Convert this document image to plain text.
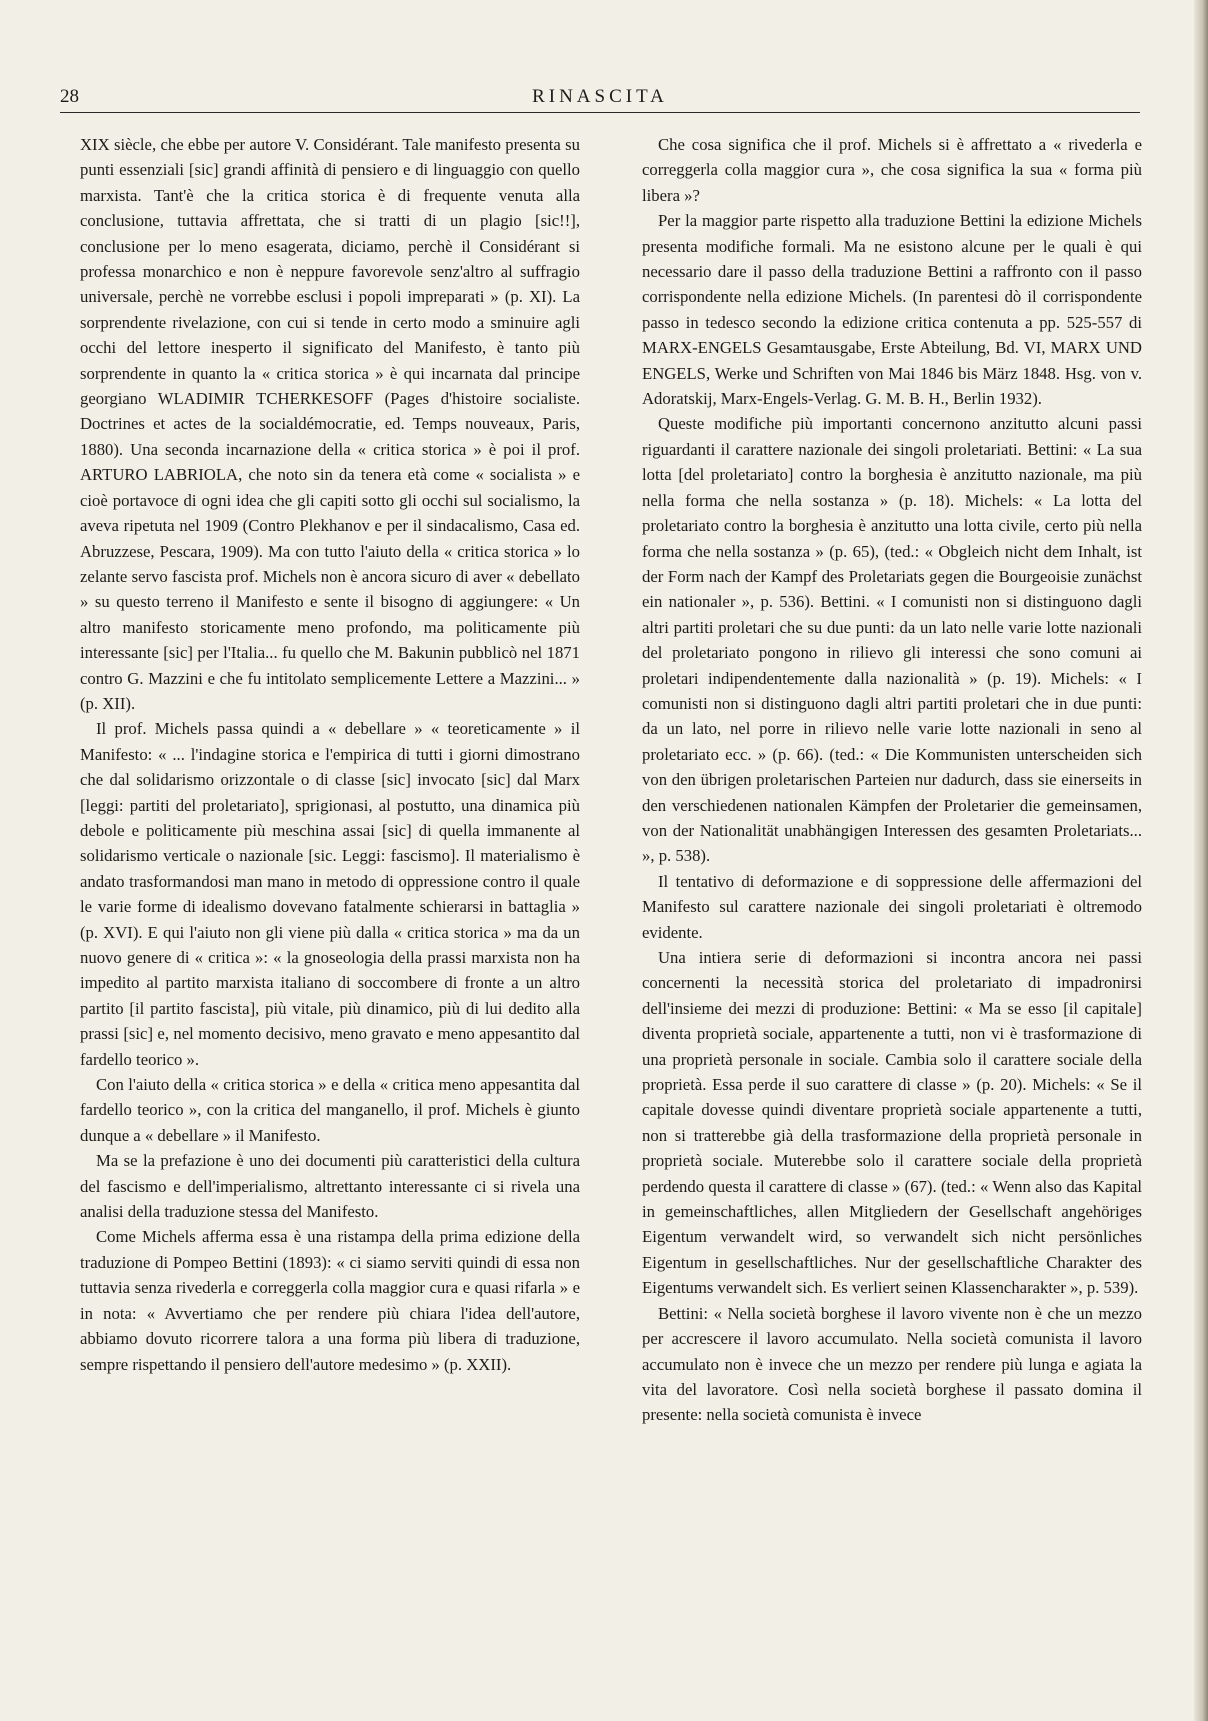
28	RINASCITA

XIX siècle, che ebbe per autore V. Considérant. Tale manifesto presenta su punti essenziali [sic] grandi affinità di pensiero e di linguaggio con quello marxista. Tant'è che la critica storica è di frequente venuta alla conclusione, tuttavia affrettata, che si tratti di un plagio [sic!!], conclusione per lo meno esagerata, diciamo, perchè il Considérant si professa monarchico e non è neppure favorevole senz'altro al suffragio universale, perchè ne vorrebbe esclusi i popoli impreparati » (p. XI). La sorprendente rivelazione, con cui si tende in certo modo a sminuire agli occhi del lettore inesperto il significato del Manifesto, è tanto più sorprendente in quanto la « critica storica » è qui incarnata dal principe georgiano WLADIMIR TCHERKESOFF (Pages d'histoire socialiste. Doctrines et actes de la socialdémocratie, ed. Temps nouveaux, Paris, 1880). Una seconda incarnazione della « critica storica » è poi il prof. ARTURO LABRIOLA, che noto sin da tenera età come « socialista » e cioè portavoce di ogni idea che gli capiti sotto gli occhi sul socialismo, la aveva ripetuta nel 1909 (Contro Plekhanov e per il sindacalismo, Casa ed. Abruzzese, Pescara, 1909). Ma con tutto l'aiuto della « critica storica » lo zelante servo fascista prof. Michels non è ancora sicuro di aver « debellato » su questo terreno il Manifesto e sente il bisogno di aggiungere: « Un altro manifesto storicamente meno profondo, ma politicamente più interessante [sic] per l'Italia... fu quello che M. Bakunin pubblicò nel 1871 contro G. Mazzini e che fu intitolato semplicemente Lettere a Mazzini... » (p. XII).

Il prof. Michels passa quindi a « debellare » « teoreticamente » il Manifesto: « ... l'indagine storica e l'empirica di tutti i giorni dimostrano che dal solidarismo orizzontale o di classe [sic] invocato [sic] dal Marx [leggi: partiti del proletariato], sprigionasi, al postutto, una dinamica più debole e politicamente più meschina assai [sic] di quella immanente al solidarismo verticale o nazionale [sic. Leggi: fascismo]. Il materialismo è andato trasformandosi man mano in metodo di oppressione contro il quale le varie forme di idealismo dovevano fatalmente schierarsi in battaglia » (p. XVI). E qui l'aiuto non gli viene più dalla « critica storica » ma da un nuovo genere di « critica »: « la gnoseologia della prassi marxista non ha impedito al partito marxista italiano di soccombere di fronte a un altro partito [il partito fascista], più vitale, più dinamico, più di lui dedito alla prassi [sic] e, nel momento decisivo, meno gravato e meno appesantito dal fardello teorico ».

Con l'aiuto della « critica storica » e della « critica meno appesantita dal fardello teorico », con la critica del manganello, il prof. Michels è giunto dunque a « debellare » il Manifesto.

Ma se la prefazione è uno dei documenti più caratteristici della cultura del fascismo e dell'imperialismo, altrettanto interessante ci si rivela una analisi della traduzione stessa del Manifesto.

Come Michels afferma essa è una ristampa della prima edizione della traduzione di Pompeo Bettini (1893): « ci siamo serviti quindi di essa non tuttavia senza rivederla e correggerla colla maggior cura e quasi rifarla » e in nota: « Avvertiamo che per rendere più chiara l'idea dell'autore, abbiamo dovuto ricorrere talora a una forma più libera di traduzione, sempre rispettando il pensiero dell'autore medesimo » (p. XXII).

Che cosa significa che il prof. Michels si è affrettato a « rivederla e correggerla colla maggior cura », che cosa significa la sua « forma più libera »?

Per la maggior parte rispetto alla traduzione Bettini la edizione Michels presenta modifiche formali. Ma ne esistono alcune per le quali è qui necessario dare il passo della traduzione Bettini a raffronto con il passo corrispondente nella edizione Michels. (In parentesi dò il corrispondente passo in tedesco secondo la edizione critica contenuta a pp. 525-557 di MARX-ENGELS Gesamtausgabe, Erste Abteilung, Bd. VI, MARX UND ENGELS, Werke und Schriften von Mai 1846 bis März 1848. Hsg. von v. Adoratskij, Marx-Engels-Verlag. G. M. B. H., Berlin 1932).

Queste modifiche più importanti concernono anzitutto alcuni passi riguardanti il carattere nazionale dei singoli proletariati. Bettini: « La sua lotta [del proletariato] contro la borghesia è anzitutto nazionale, ma più nella forma che nella sostanza » (p. 18). Michels: « La lotta del proletariato contro la borghesia è anzitutto una lotta civile, certo più nella forma che nella sostanza » (p. 65), (ted.: « Obgleich nicht dem Inhalt, ist der Form nach der Kampf des Proletariats gegen die Bourgeoisie zunächst ein nationaler », p. 536). Bettini. « I comunisti non si distinguono dagli altri partiti proletari che su due punti: da un lato nelle varie lotte nazionali del proletariato pongono in rilievo gli interessi che sono comuni ai proletari indipendentemente dalla nazionalità » (p. 19). Michels: « I comunisti non si distinguono dagli altri partiti proletari che in due punti: da un lato, nel porre in rilievo nelle varie lotte nazionali in seno al proletariato ecc. » (p. 66). (ted.: « Die Kommunisten unterscheiden sich von den übrigen proletarischen Parteien nur dadurch, dass sie einerseits in den verschiedenen nationalen Kämpfen der Proletarier die gemeinsamen, von der Nationalität unabhängigen Interessen des gesamten Proletariats... », p. 538).

Il tentativo di deformazione e di soppressione delle affermazioni del Manifesto sul carattere nazionale dei singoli proletariati è oltremodo evidente.

Una intiera serie di deformazioni si incontra ancora nei passi concernenti la necessità storica del proletariato di impadronirsi dell'insieme dei mezzi di produzione: Bettini: « Ma se esso [il capitale] diventa proprietà sociale, appartenente a tutti, non vi è trasformazione di una proprietà personale in sociale. Cambia solo il carattere sociale della proprietà. Essa perde il suo carattere di classe » (p. 20). Michels: « Se il capitale dovesse quindi diventare proprietà sociale appartenente a tutti, non si tratterebbe già della trasformazione della proprietà personale in proprietà sociale. Muterebbe solo il carattere sociale della proprietà perdendo questa il carattere di classe » (67). (ted.: « Wenn also das Kapital in gemeinschaftliches, allen Mitgliedern der Gesellschaft angehöriges Eigentum verwandelt wird, so verwandelt sich nicht persönliches Eigentum in gesellschaftliches. Nur der gesellschaftliche Charakter des Eigentums verwandelt sich. Es verliert seinen Klassencharakter », p. 539).

Bettini: « Nella società borghese il lavoro vivente non è che un mezzo per accrescere il lavoro accumulato. Nella società comunista il lavoro accumulato non è invece che un mezzo per rendere più lunga e agiata la vita del lavoratore. Così nella società borghese il passato domina il presente: nella società comunista è invece
